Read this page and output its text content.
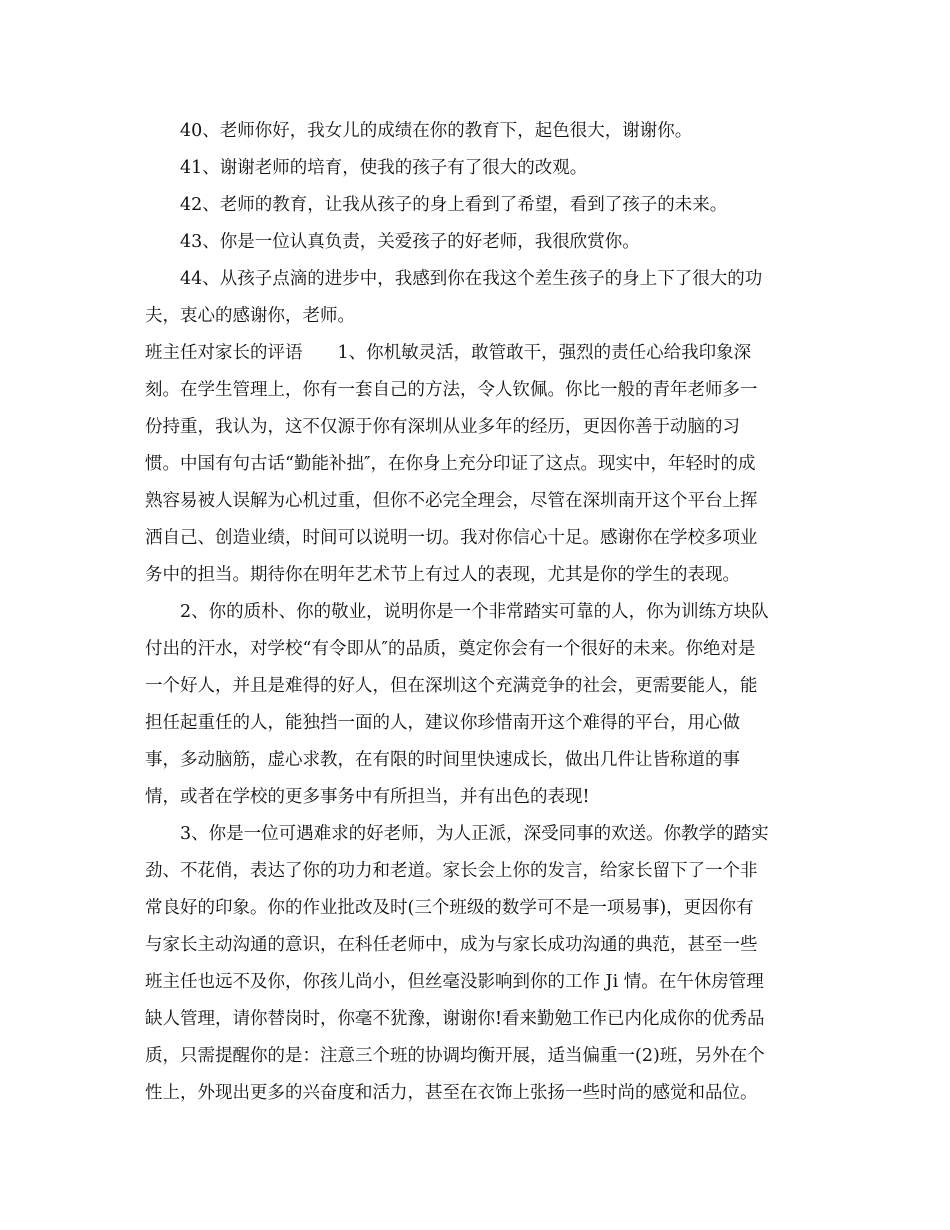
40、老师你好，我女儿的成绩在你的教育下，起色很大，谢谢你。
41、谢谢老师的培育，使我的孩子有了很大的改观。
42、老师的教育，让我从孩子的身上看到了希望，看到了孩子的未来。
43、你是一位认真负责，关爱孩子的好老师，我很欣赏你。
44、从孩子点滴的进步中，我感到你在我这个差生孩子的身上下了很大的功
夫，衷心的感谢你，老师。
班主任对家长的评语　　1、你机敏灵活，敢管敢干，强烈的责任心给我印象深
刻。在学生管理上，你有一套自己的方法，令人钦佩。你比一般的青年老师多一
份持重，我认为，这不仅源于你有深圳从业多年的经历，更因你善于动脑的习
惯。中国有句古话“勤能补拙″，在你身上充分印证了这点。现实中，年轻时的成
熟容易被人误解为心机过重，但你不必完全理会，尽管在深圳南开这个平台上挥
洒自己、创造业绩，时间可以说明一切。我对你信心十足。感谢你在学校多项业
务中的担当。期待你在明年艺术节上有过人的表现，尤其是你的学生的表现。
2、你的质朴、你的敬业，说明你是一个非常踏实可靠的人，你为训练方块队
付出的汗水，对学校“有令即从″的品质，奠定你会有一个很好的未来。你绝对是
一个好人，并且是难得的好人，但在深圳这个充满竞争的社会，更需要能人，能
担任起重任的人，能独挡一面的人，建议你珍惜南开这个难得的平台，用心做
事，多动脑筋，虚心求教，在有限的时间里快速成长，做出几件让皆称道的事
情，或者在学校的更多事务中有所担当，并有出色的表现!
3、你是一位可遇难求的好老师，为人正派，深受同事的欢送。你教学的踏实
劲、不花俏，表达了你的功力和老道。家长会上你的发言，给家长留下了一个非
常良好的印象。你的作业批改及时(三个班级的数学可不是一项易事)，更因你有
与家长主动沟通的意识，在科任老师中，成为与家长成功沟通的典范，甚至一些
班主任也远不及你，你孩儿尚小，但丝毫没影响到你的工作 Ji 情。在午休房管理
缺人管理，请你替岗时，你毫不犹豫，谢谢你!看来勤勉工作已内化成你的优秀品
质，只需提醒你的是：注意三个班的协调均衡开展，适当偏重一(2)班，另外在个
性上，外现出更多的兴奋度和活力，甚至在衣饰上张扬一些时尚的感觉和品位。
